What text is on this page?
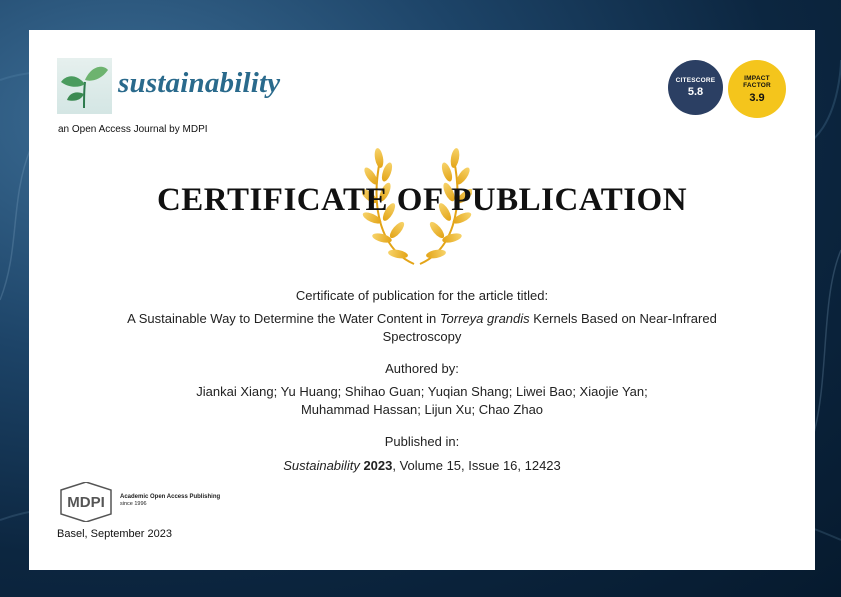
sustainability
an Open Access Journal by MDPI
CITESCORE
5.8
IMPACT
FACTOR
3.9
CERTIFICATE OF PUBLICATION
Certificate of publication for the article titled:
A Sustainable Way to Determine the Water Content in Torreya grandis Kernels Based on Near-Infrared
Spectroscopy
Authored by:
Jiankai Xiang; Yu Huang; Shihao Guan; Yuqian Shang; Liwei Bao; Xiaojie Yan;
Muhammad Hassan; Lijun Xu; Chao Zhao
Published in:
Sustainability 2023, Volume 15, Issue 16, 12423
MDPI	Academic Open Access Publishing
since 1996
Basel, September 2023
